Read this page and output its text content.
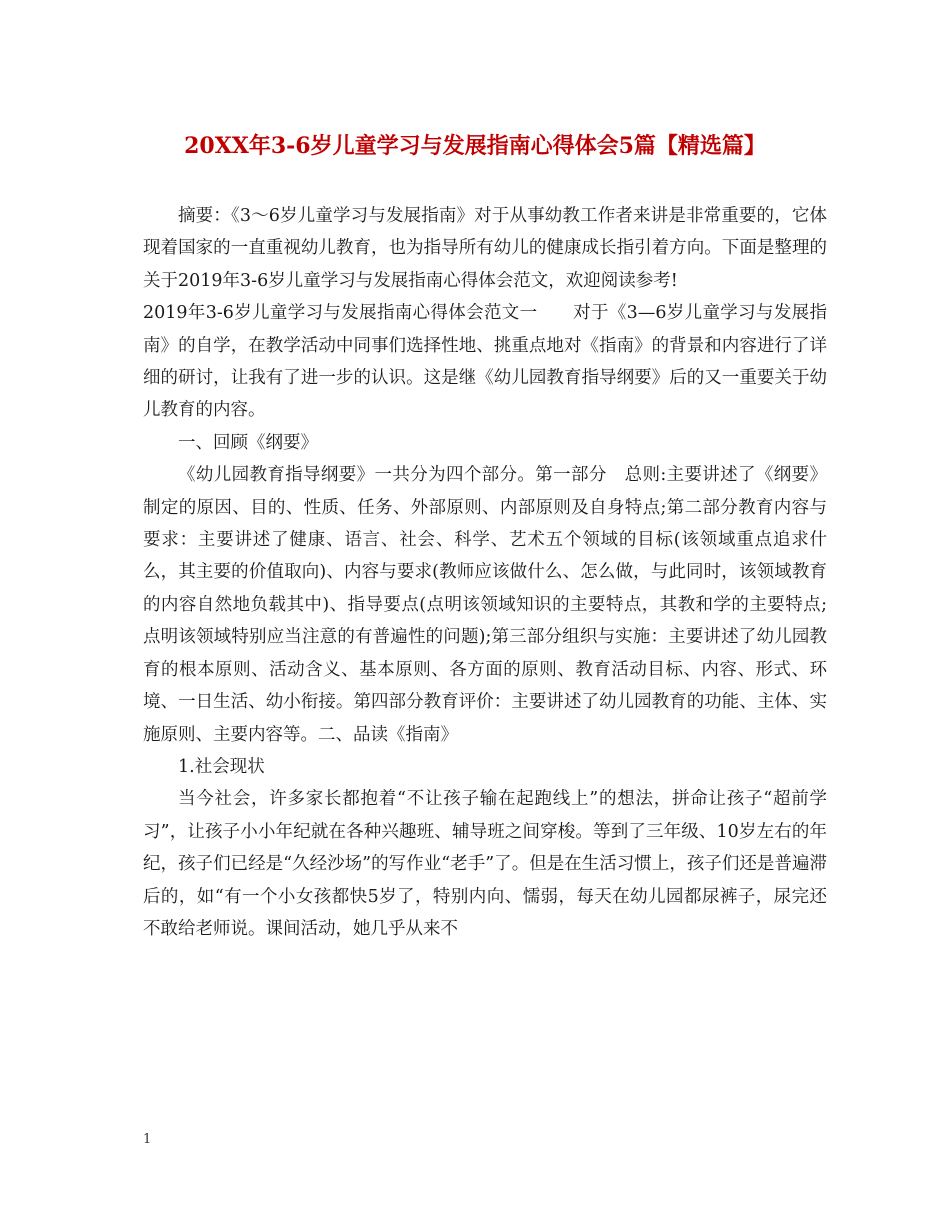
20XX年3-6岁儿童学习与发展指南心得体会5篇【精选篇】

摘要：《3～6岁儿童学习与发展指南》对于从事幼教工作者来讲是非常重要的，它体现着国家的一直重视幼儿教育，也为指导所有幼儿的健康成长指引着方向。下面是整理的关于2019年3-6岁儿童学习与发展指南心得体会范文，欢迎阅读参考!

2019年3-6岁儿童学习与发展指南心得体会范文一　　对于《3—6岁儿童学习与发展指南》的自学，在教学活动中同事们选择性地、挑重点地对《指南》的背景和内容进行了详细的研讨，让我有了进一步的认识。这是继《幼儿园教育指导纲要》后的又一重要关于幼儿教育的内容。

一、回顾《纲要》

《幼儿园教育指导纲要》一共分为四个部分。第一部分　总则:主要讲述了《纲要》制定的原因、目的、性质、任务、外部原则、内部原则及自身特点;第二部分教育内容与要求：主要讲述了健康、语言、社会、科学、艺术五个领域的目标(该领域重点追求什么，其主要的价值取向)、内容与要求(教师应该做什么、怎么做，与此同时，该领域教育的内容自然地负载其中)、指导要点(点明该领域知识的主要特点，其教和学的主要特点;点明该领域特别应当注意的有普遍性的问题);第三部分组织与实施：主要讲述了幼儿园教育的根本原则、活动含义、基本原则、各方面的原则、教育活动目标、内容、形式、环境、一日生活、幼小衔接。第四部分教育评价：主要讲述了幼儿园教育的功能、主体、实施原则、主要内容等。二、品读《指南》

1.社会现状

当今社会，许多家长都抱着“不让孩子输在起跑线上”的想法，拼命让孩子“超前学习”，让孩子小小年纪就在各种兴趣班、辅导班之间穿梭。等到了三年级、10岁左右的年纪，孩子们已经是“久经沙场”的写作业“老手”了。但是在生活习惯上，孩子们还是普遍滞后的，如“有一个小女孩都快5岁了，特别内向、懦弱，每天在幼儿园都尿裤子，尿完还不敢给老师说。课间活动，她几乎从来不

1
